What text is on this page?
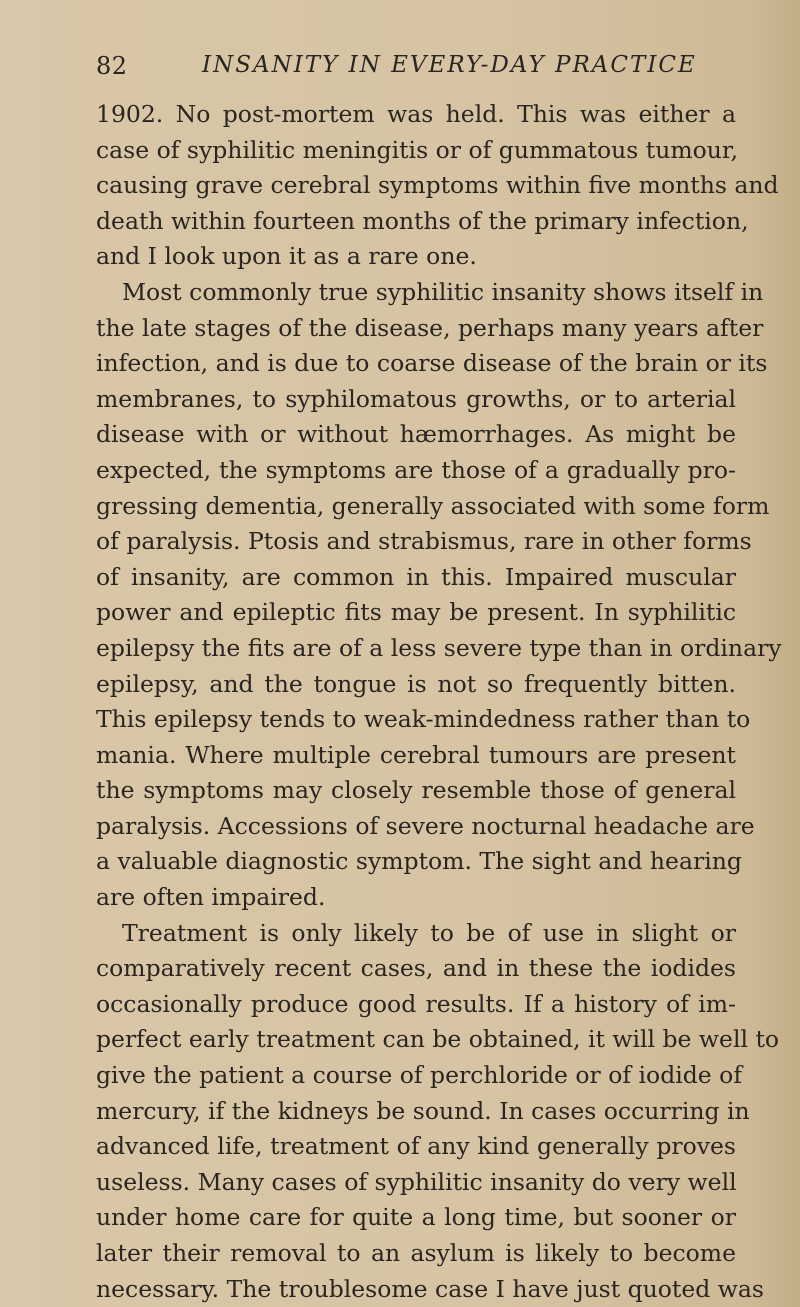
82	INSANITY IN EVERY-DAY PRACTICE
1902. No post-mortem was held. This was either a
case of syphilitic meningitis or of gummatous tumour,
causing grave cerebral symptoms within five months and
death within fourteen months of the primary infection,
and I look upon it as a rare one.
Most commonly true syphilitic insanity shows itself in
the late stages of the disease, perhaps many years after
infection, and is due to coarse disease of the brain or its
membranes, to syphilomatous growths, or to arterial
disease with or without hæmorrhages. As might be
expected, the symptoms are those of a gradually pro-
gressing dementia, generally associated with some form
of paralysis. Ptosis and strabismus, rare in other forms
of insanity, are common in this. Impaired muscular
power and epileptic fits may be present. In syphilitic
epilepsy the fits are of a less severe type than in ordinary
epilepsy, and the tongue is not so frequently bitten.
This epilepsy tends to weak-mindedness rather than to
mania. Where multiple cerebral tumours are present
the symptoms may closely resemble those of general
paralysis. Accessions of severe nocturnal headache are
a valuable diagnostic symptom. The sight and hearing
are often impaired.
Treatment is only likely to be of use in slight or
comparatively recent cases, and in these the iodides
occasionally produce good results. If a history of im-
perfect early treatment can be obtained, it will be well to
give the patient a course of perchloride or of iodide of
mercury, if the kidneys be sound. In cases occurring in
advanced life, treatment of any kind generally proves
useless. Many cases of syphilitic insanity do very well
under home care for quite a long time, but sooner or
later their removal to an asylum is likely to become
necessary. The troublesome case I have just quoted was
